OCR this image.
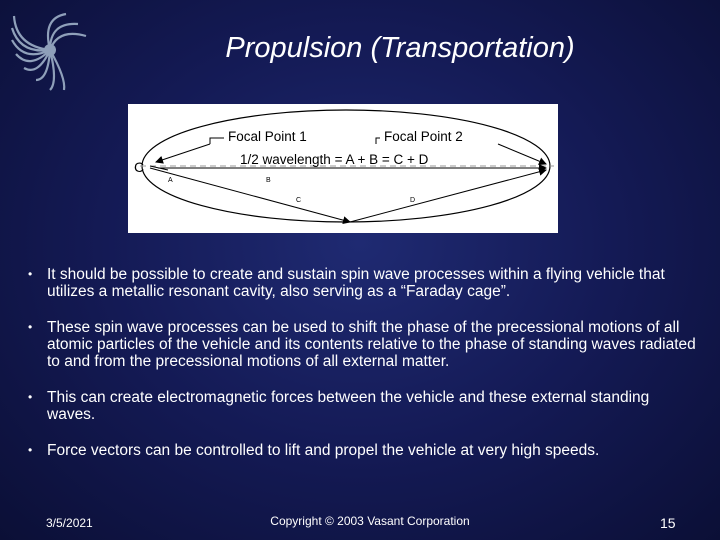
Propulsion (Transportation)
Focal Point 1	Focal Point 2
1/2 wavelength = A + B = C + D
C
A	B
C	D
• It should be possible to create and sustain spin wave processes within a flying vehicle that utilizes a metallic resonant cavity, also serving as a “Faraday cage”.
• These spin wave processes can be used to shift the phase of the precessional motions of all atomic particles of the vehicle and its contents relative to the phase of standing waves radiated to and from the precessional motions of all external matter.
• This can create electromagnetic forces between the vehicle and these external standing waves.
• Force vectors can be controlled to lift and propel the vehicle at very high speeds.
3/5/2021	Copyright © 2003 Vasant Corporation	15
